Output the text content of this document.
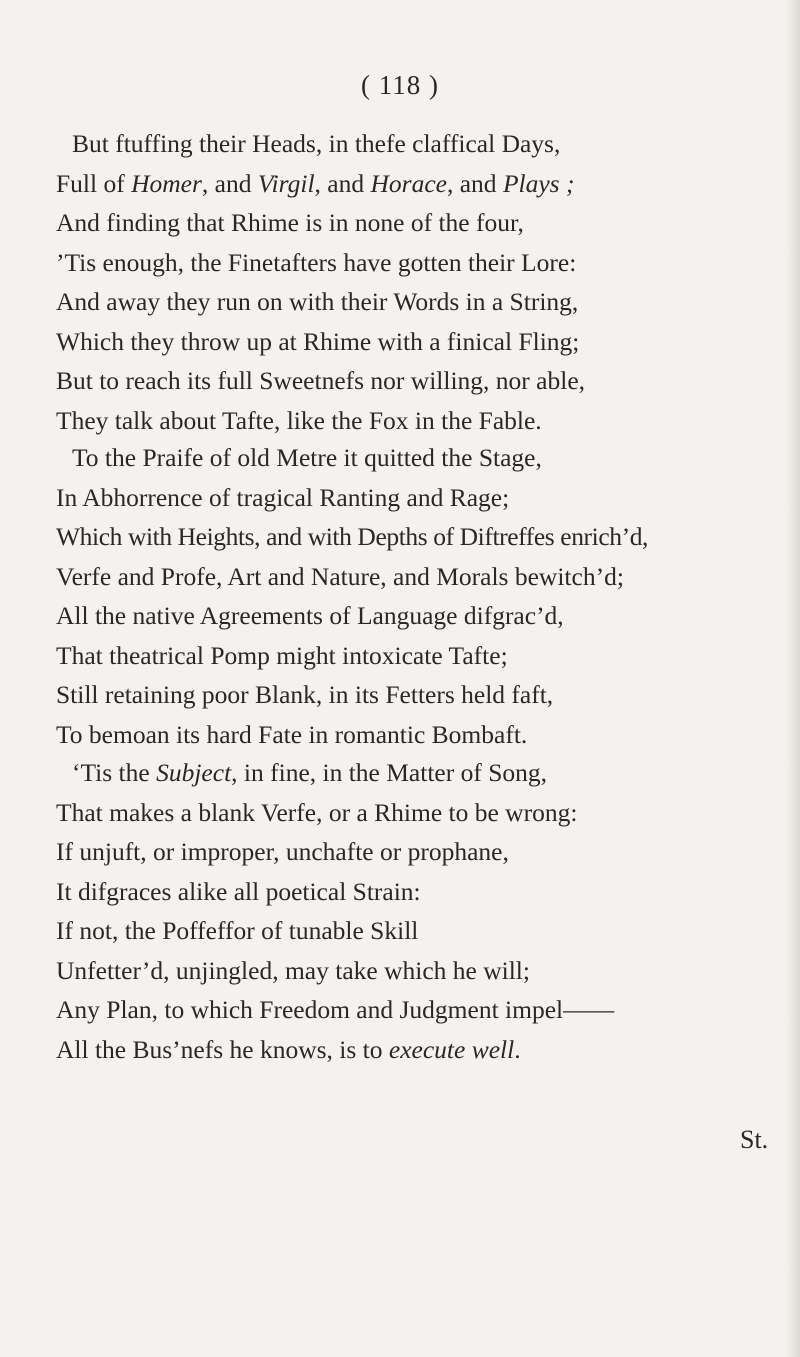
( 118 )
But ftuffing their Heads, in thefe claffical Days,
Full of Homer, and Virgil, and Horace, and Plays ;
And finding that Rhime is in none of the four,
’Tis enough, the Finetafters have gotten their Lore:
And away they run on with their Words in a String,
Which they throw up at Rhime with a finical Fling;
But to reach its full Sweetnefs nor willing, nor able,
They talk about Tafte, like the Fox in the Fable.
To the Praife of old Metre it quitted the Stage,
In Abhorrence of tragical Ranting and Rage;
Which with Heights, and with Depths of Diftreffes enrich’d,
Verfe and Profe, Art and Nature, and Morals bewitch’d;
All the native Agreements of Language difgrac’d,
That theatrical Pomp might intoxicate Tafte;
Still retaining poor Blank, in its Fetters held faft,
To bemoan its hard Fate in romantic Bombaft.
‘Tis the Subject, in fine, in the Matter of Song,
That makes a blank Verfe, or a Rhime to be wrong:
If unjuft, or improper, unchafte or prophane,
It difgraces alike all poetical Strain:
If not, the Poffeffor of tunable Skill
Unfetter’d, unjingled, may take which he will;
Any Plan, to which Freedom and Judgment impel——
All the Bus’nefs he knows, is to execute well.
St.
